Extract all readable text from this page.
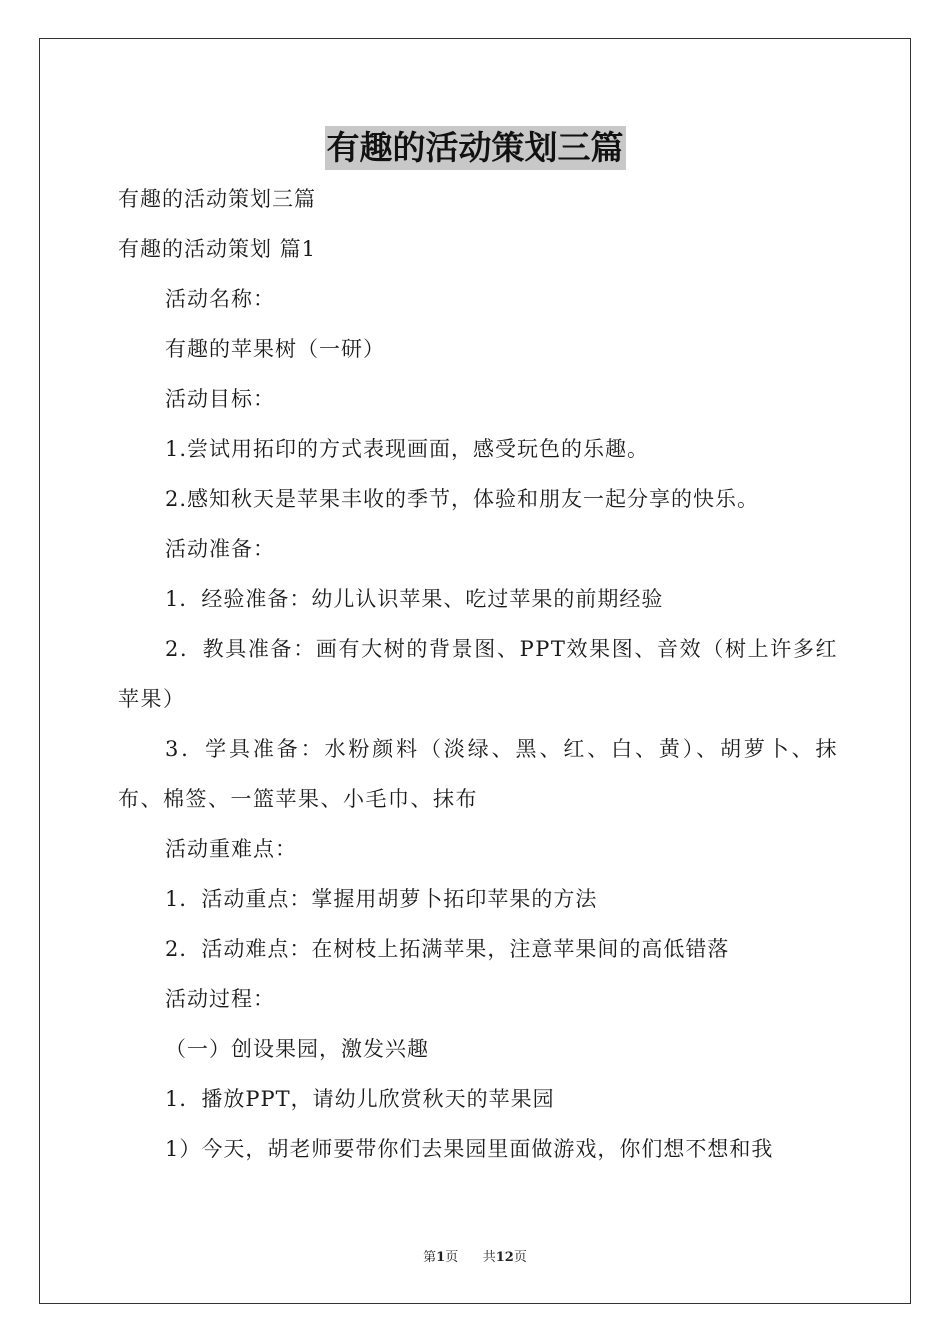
有趣的活动策划三篇

有趣的活动策划三篇

有趣的活动策划 篇1

活动名称：

有趣的苹果树（一研）

活动目标：

1.尝试用拓印的方式表现画面，感受玩色的乐趣。

2.感知秋天是苹果丰收的季节，体验和朋友一起分享的快乐。

活动准备：

1．经验准备：幼儿认识苹果、吃过苹果的前期经验

2．教具准备：画有大树的背景图、PPT效果图、音效（树上许多红苹果）

3．学具准备：水粉颜料（淡绿、黑、红、白、黄）、胡萝卜、抹布、棉签、一篮苹果、小毛巾、抹布

活动重难点：

1．活动重点：掌握用胡萝卜拓印苹果的方法

2．活动难点：在树枝上拓满苹果，注意苹果间的高低错落

活动过程：

（一）创设果园，激发兴趣

1．播放PPT，请幼儿欣赏秋天的苹果园

1）今天，胡老师要带你们去果园里面做游戏，你们想不想和我

第1页 共12页
